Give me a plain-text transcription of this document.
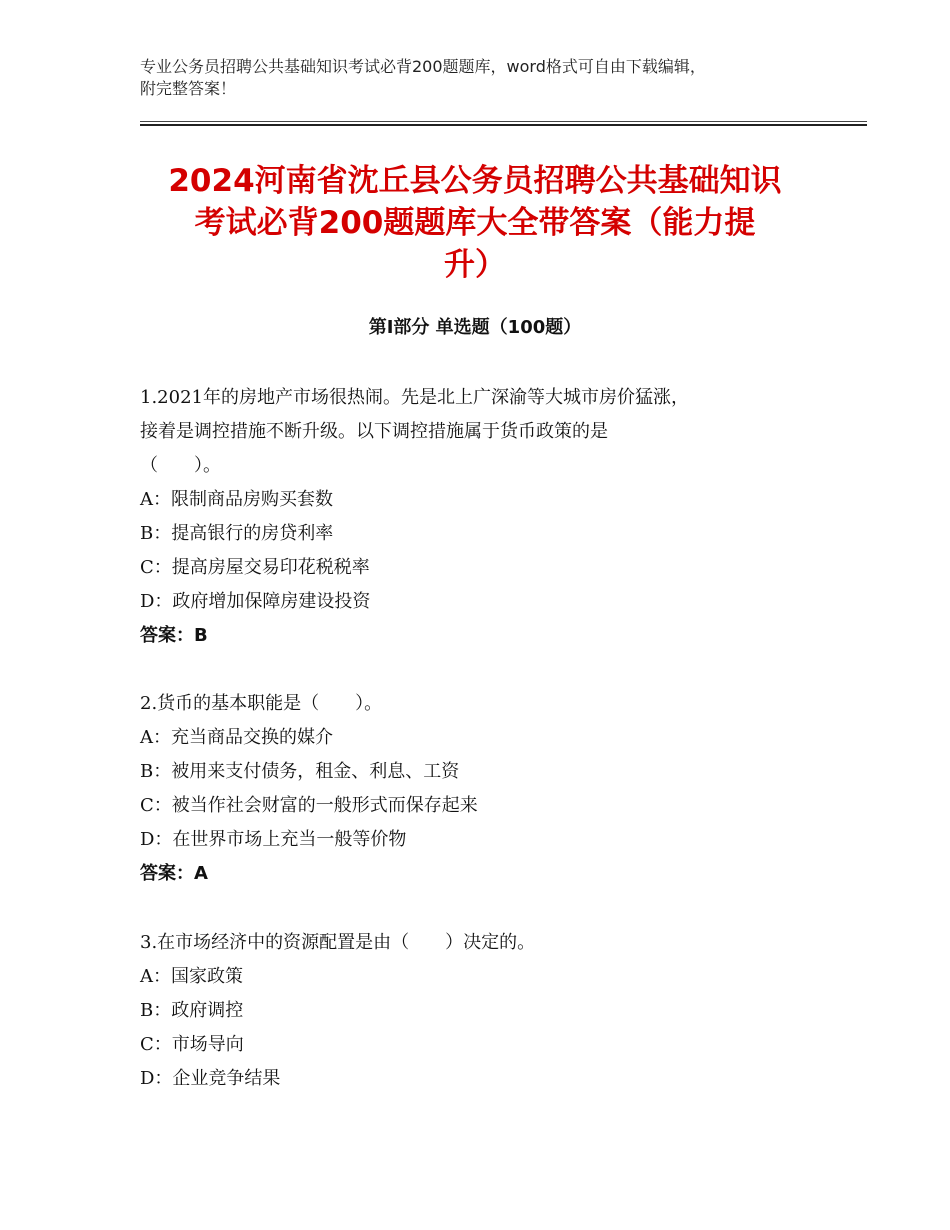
专业公务员招聘公共基础知识考试必背200题题库，word格式可自由下载编辑，
附完整答案！
2024河南省沈丘县公务员招聘公共基础知识
考试必背200题题库大全带答案（能力提
升）
第Ⅰ部分 单选题（100题）

1.2021年的房地产市场很热闹。先是北上广深渝等大城市房价猛涨，
接着是调控措施不断升级。以下调控措施属于货币政策的是
（　　）。

A：限制商品房购买套数

B：提高银行的房贷利率

C：提高房屋交易印花税税率

D：政府增加保障房建设投资

答案：B

2.货币的基本职能是（　　）。

A：充当商品交换的媒介

B：被用来支付债务，租金、利息、工资

C：被当作社会财富的一般形式而保存起来

D：在世界市场上充当一般等价物

答案：A

3.在市场经济中的资源配置是由（　　）决定的。

A：国家政策

B：政府调控

C：市场导向

D：企业竞争结果
